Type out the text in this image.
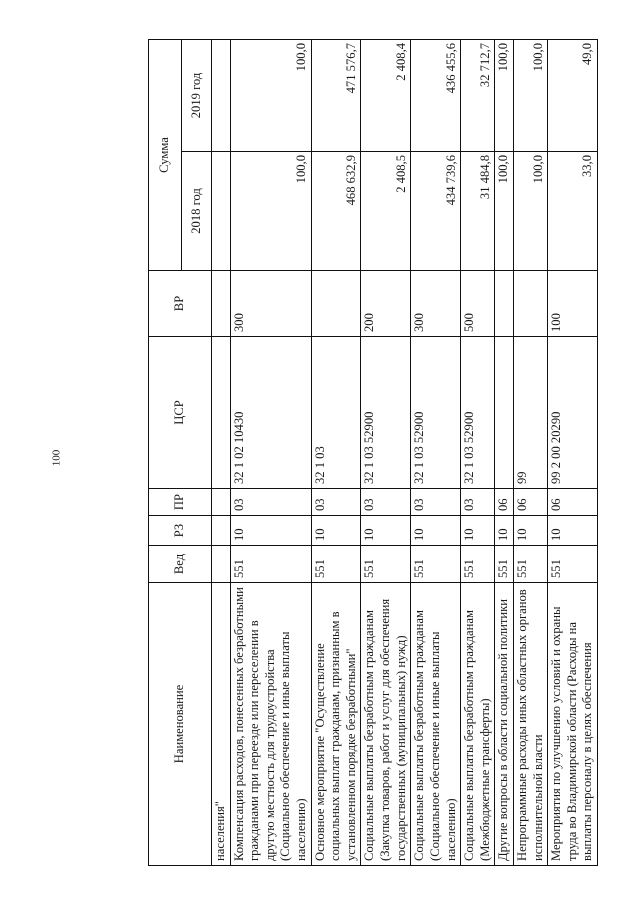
100
Наименование	Вед	РЗ	ПР	ЦСР	ВР	Сумма	
						2018 год	2019 год
населения"							
Компенсация расходов, понесенных безработными гражданами при переезде или переселении в другую местность для трудоустройства (Социальное обеспечение и иные выплаты населению)	551	10	03	32 1 02 10430	300	100,0	100,0
Основное мероприятие "Осуществление социальных выплат гражданам, признанным в установленном порядке безработными"	551	10	03	32 1 03		468 632,9	471 576,7
Социальные выплаты безработным гражданам (Закупка товаров, работ и услуг для обеспечения государственных (муниципальных) нужд)	551	10	03	32 1 03 52900	200	2 408,5	2 408,4
Социальные выплаты безработным гражданам (Социальное обеспечение и иные выплаты населению)	551	10	03	32 1 03 52900	300	434 739,6	436 455,6
Социальные выплаты безработным гражданам (Межбюджетные трансферты)	551	10	03	32 1 03 52900	500	31 484,8	32 712,7
Другие вопросы в области социальной политики	551	10	06			100,0	100,0
Непрограммные расходы иных областных органов исполнительной власти	551	10	06	99		100,0	100,0
Мероприятия по улучшению условий и охраны труда во Владимирской области (Расходы на выплаты персоналу в целях обеспечения	551	10	06	99 2 00 20290	100	33,0	49,0
